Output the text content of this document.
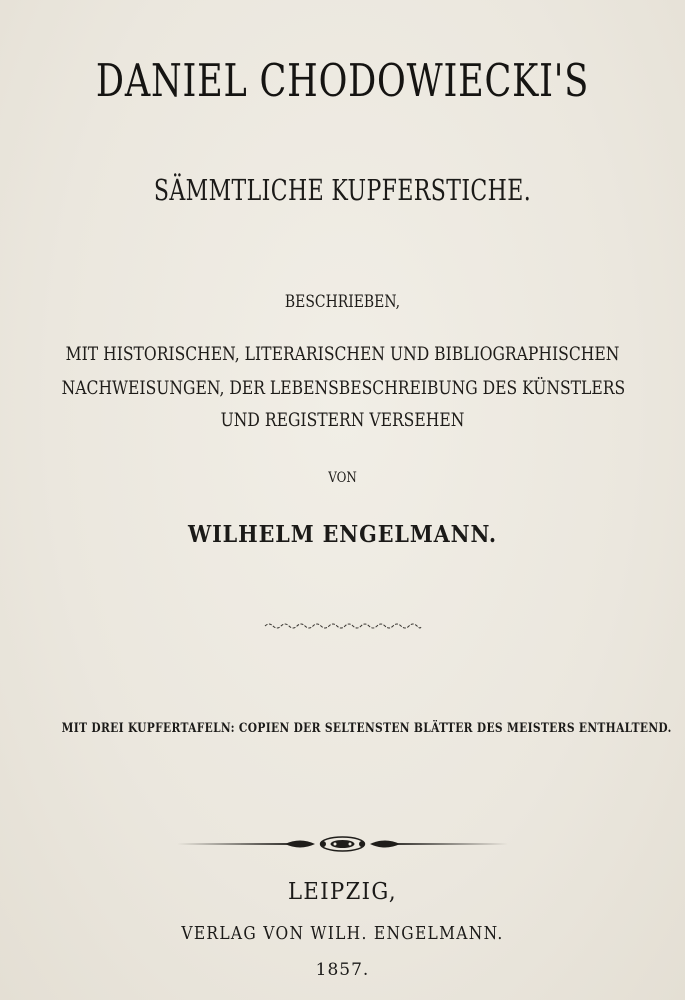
DANIEL CHODOWIECKI'S
SÄMMTLICHE KUPFERSTICHE.
BESCHRIEBEN,
MIT HISTORISCHEN, LITERARISCHEN UND BIBLIOGRAPHISCHEN
NACHWEISUNGEN, DER LEBENSBESCHREIBUNG DES KÜNSTLERS
UND REGISTERN VERSEHEN
VON
WILHELM ENGELMANN.
MIT DREI KUPFERTAFELN: COPIEN DER SELTENSTEN BLÄTTER DES MEISTERS ENTHALTEND.
LEIPZIG,
VERLAG VON WILH. ENGELMANN.
1857.
